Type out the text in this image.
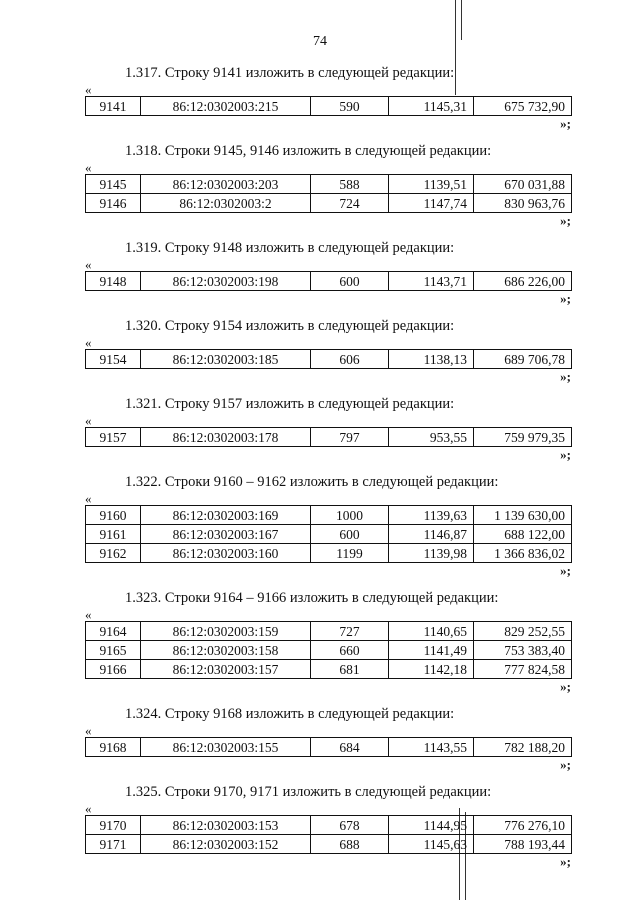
74
1.317. Строку 9141 изложить в следующей редакции:
«
9141	86:12:0302003:215	590	1145,31	675 732,90
»;
1.318. Строки 9145, 9146 изложить в следующей редакции:
«
9145	86:12:0302003:203	588	1139,51	670 031,88
9146	86:12:0302003:2	724	1147,74	830 963,76
»;
1.319. Строку 9148 изложить в следующей редакции:
«
9148	86:12:0302003:198	600	1143,71	686 226,00
»;
1.320. Строку 9154 изложить в следующей редакции:
«
9154	86:12:0302003:185	606	1138,13	689 706,78
»;
1.321. Строку 9157 изложить в следующей редакции:
«
9157	86:12:0302003:178	797	953,55	759 979,35
»;
1.322. Строки 9160 – 9162 изложить в следующей редакции:
«
9160	86:12:0302003:169	1000	1139,63	1 139 630,00
9161	86:12:0302003:167	600	1146,87	688 122,00
9162	86:12:0302003:160	1199	1139,98	1 366 836,02
»;
1.323. Строки 9164 – 9166 изложить в следующей редакции:
«
9164	86:12:0302003:159	727	1140,65	829 252,55
9165	86:12:0302003:158	660	1141,49	753 383,40
9166	86:12:0302003:157	681	1142,18	777 824,58
»;
1.324. Строку 9168 изложить в следующей редакции:
«
9168	86:12:0302003:155	684	1143,55	782 188,20
»;
1.325. Строки 9170, 9171 изложить в следующей редакции:
«
9170	86:12:0302003:153	678	1144,95	776 276,10
9171	86:12:0302003:152	688	1145,63	788 193,44
»;
